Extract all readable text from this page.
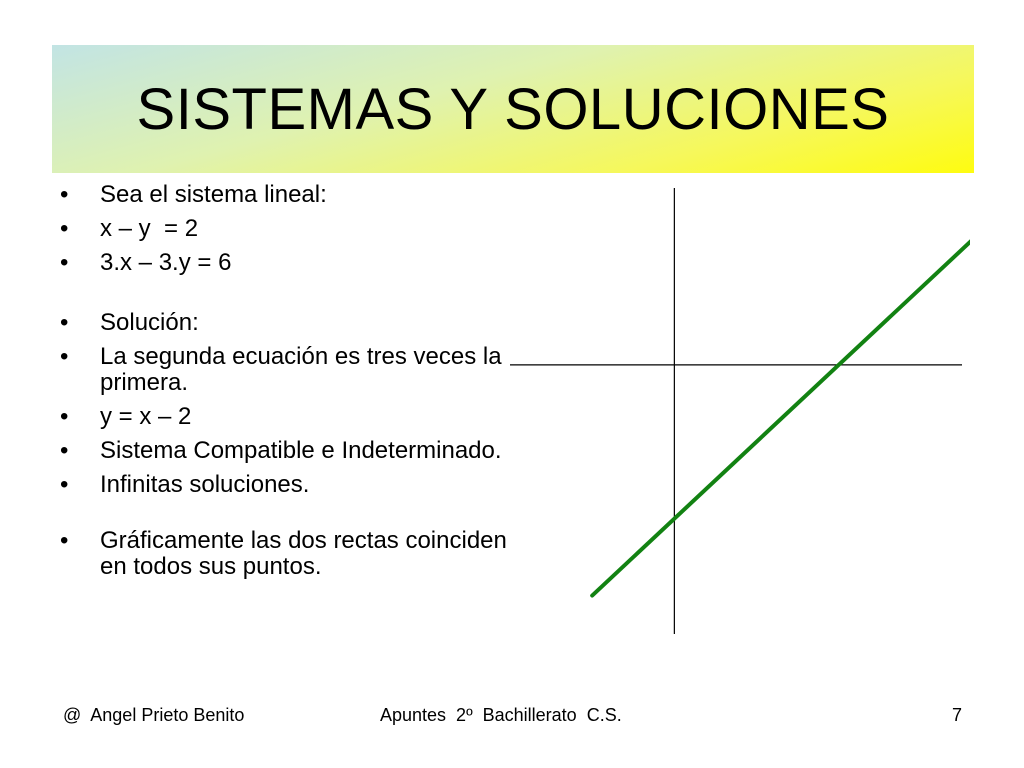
SISTEMAS Y SOLUCIONES
• Sea el sistema lineal:
• x – y  = 2
• 3.x – 3.y = 6
• Solución:
• La segunda ecuación es tres veces la primera.
• y = x – 2
• Sistema Compatible e Indeterminado.
• Infinitas soluciones.
• Gráficamente las dos rectas coinciden en todos sus puntos.
@  Angel Prieto Benito	Apuntes  2º  Bachillerato  C.S.	7
